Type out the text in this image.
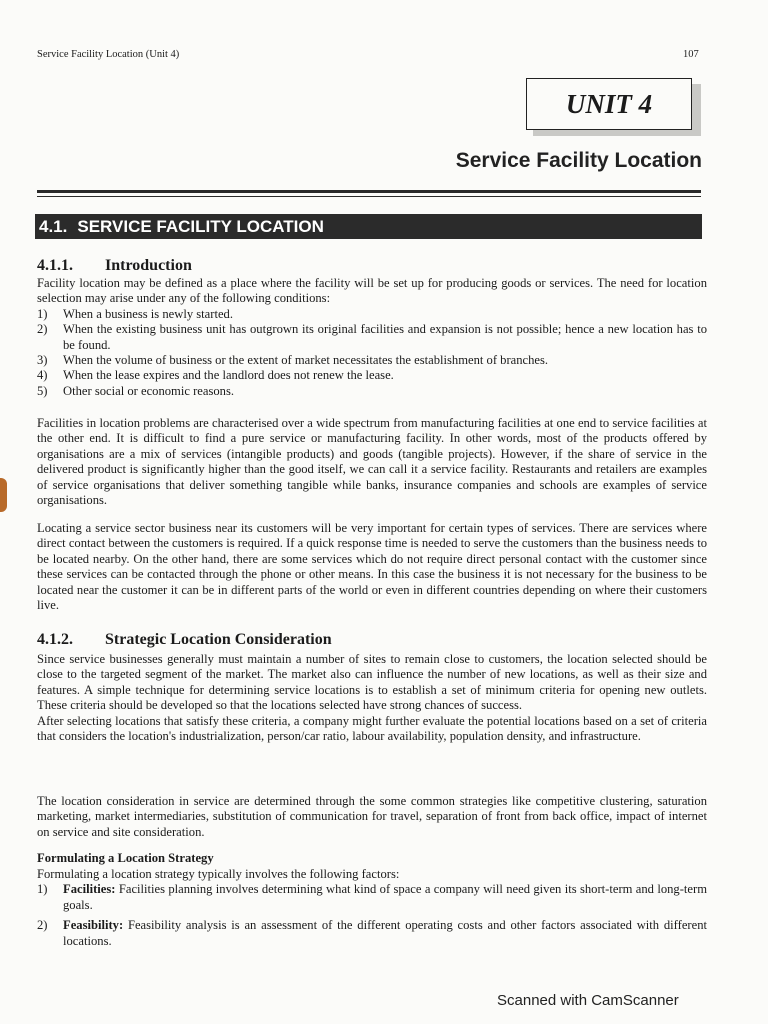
Service Facility Location (Unit 4)	107
UNIT 4
Service Facility Location
4.1. SERVICE FACILITY LOCATION
4.1.1. Introduction

Facility location may be defined as a place where the facility will be set up for producing goods or services. The need for location selection may arise under any of the following conditions:

1) When a business is newly started.
2) When the existing business unit has outgrown its original facilities and expansion is not possible; hence a new location has to be found.
3) When the volume of business or the extent of market necessitates the establishment of branches.
4) When the lease expires and the landlord does not renew the lease.
5) Other social or economic reasons.

Facilities in location problems are characterised over a wide spectrum from manufacturing facilities at one end to service facilities at the other end. It is difficult to find a pure service or manufacturing facility. In other words, most of the products offered by organisations are a mix of services (intangible products) and goods (tangible projects). However, if the share of service in the delivered product is significantly higher than the good itself, we can call it a service facility. Restaurants and retailers are examples of service organisations that deliver something tangible while banks, insurance companies and schools are examples of service organisations.

Locating a service sector business near its customers will be very important for certain types of services. There are services where direct contact between the customers is required. If a quick response time is needed to serve the customers than the business needs to be located nearby. On the other hand, there are some services which do not require direct personal contact with the customer since these services can be contacted through the phone or other means. In this case the business it is not necessary for the business to be located near the customer it can be in different parts of the world or even in different countries depending on where their customers live.

4.1.2. Strategic Location Consideration

Since service businesses generally must maintain a number of sites to remain close to customers, the location selected should be close to the targeted segment of the market. The market also can influence the number of new locations, as well as their size and features. A simple technique for determining service locations is to establish a set of minimum criteria for opening new outlets. These criteria should be developed so that the locations selected have strong chances of success.

After selecting locations that satisfy these criteria, a company might further evaluate the potential locations based on a set of criteria that considers the location's industrialization, person/car ratio, labour availability, population density, and infrastructure.

The location consideration in service are determined through the some common strategies like competitive clustering, saturation marketing, market intermediaries, substitution of communication for travel, separation of front from back office, impact of internet on service and site consideration.

Formulating a Location Strategy

Formulating a location strategy typically involves the following factors:

1) Facilities: Facilities planning involves determining what kind of space a company will need given its short-term and long-term goals.
2) Feasibility: Feasibility analysis is an assessment of the different operating costs and other factors associated with different locations.
Scanned with CamScanner
